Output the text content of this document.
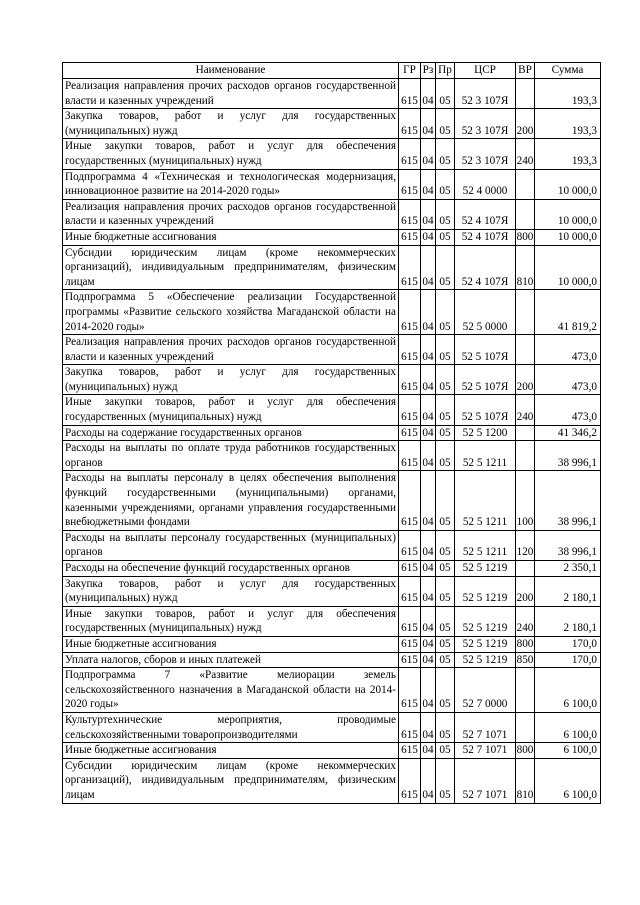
Наименование	ГР	Рз	Пр	ЦСР	ВР	Сумма
Реализация направления прочих расходов органов государственной власти и казенных учреждений	615	04	05	52 3 107Я		193,3
Закупка товаров, работ и услуг для государственных (муниципальных) нужд	615	04	05	52 3 107Я	200	193,3
Иные закупки товаров, работ и услуг для обеспечения государственных (муниципальных) нужд	615	04	05	52 3 107Я	240	193,3
Подпрограмма 4 «Техническая и технологическая модернизация, инновационное развитие на 2014-2020 годы»	615	04	05	52 4 0000		10 000,0
Реализация направления прочих расходов органов государственной власти и казенных учреждений	615	04	05	52 4 107Я		10 000,0
Иные бюджетные ассигнования	615	04	05	52 4 107Я	800	10 000,0
Субсидии юридическим лицам (кроме некоммерческих организаций), индивидуальным предпринимателям, физическим лицам	615	04	05	52 4 107Я	810	10 000,0
Подпрограмма 5 «Обеспечение реализации Государственной программы «Развитие сельского хозяйства Магаданской области на 2014-2020 годы»	615	04	05	52 5 0000		41 819,2
Реализация направления прочих расходов органов государственной власти и казенных учреждений	615	04	05	52 5 107Я		473,0
Закупка товаров, работ и услуг для государственных (муниципальных) нужд	615	04	05	52 5 107Я	200	473,0
Иные закупки товаров, работ и услуг для обеспечения государственных (муниципальных) нужд	615	04	05	52 5 107Я	240	473,0
Расходы на содержание государственных органов	615	04	05	52 5 1200		41 346,2
Расходы на выплаты по оплате труда работников государственных органов	615	04	05	52 5 1211		38 996,1
Расходы на выплаты персоналу в целях обеспечения выполнения функций государственными (муниципальными) органами, казенными учреждениями, органами управления государственными внебюджетными фондами	615	04	05	52 5 1211	100	38 996,1
Расходы на выплаты персоналу государственных (муниципальных) органов	615	04	05	52 5 1211	120	38 996,1
Расходы на обеспечение функций государственных органов	615	04	05	52 5 1219		2 350,1
Закупка товаров, работ и услуг для государственных (муниципальных) нужд	615	04	05	52 5 1219	200	2 180,1
Иные закупки товаров, работ и услуг для обеспечения государственных (муниципальных) нужд	615	04	05	52 5 1219	240	2 180,1
Иные бюджетные ассигнования	615	04	05	52 5 1219	800	170,0
Уплата налогов, сборов и иных платежей	615	04	05	52 5 1219	850	170,0
Подпрограмма 7 «Развитие мелиорации земель сельскохозяйственного назначения в Магаданской области на 2014-2020 годы»	615	04	05	52 7 0000		6 100,0
Культуртехнические мероприятия, проводимые сельскохозяйственными товаропроизводителями	615	04	05	52 7 1071		6 100,0
Иные бюджетные ассигнования	615	04	05	52 7 1071	800	6 100,0
Субсидии юридическим лицам (кроме некоммерческих организаций), индивидуальным предпринимателям, физическим лицам	615	04	05	52 7 1071	810	6 100,0
